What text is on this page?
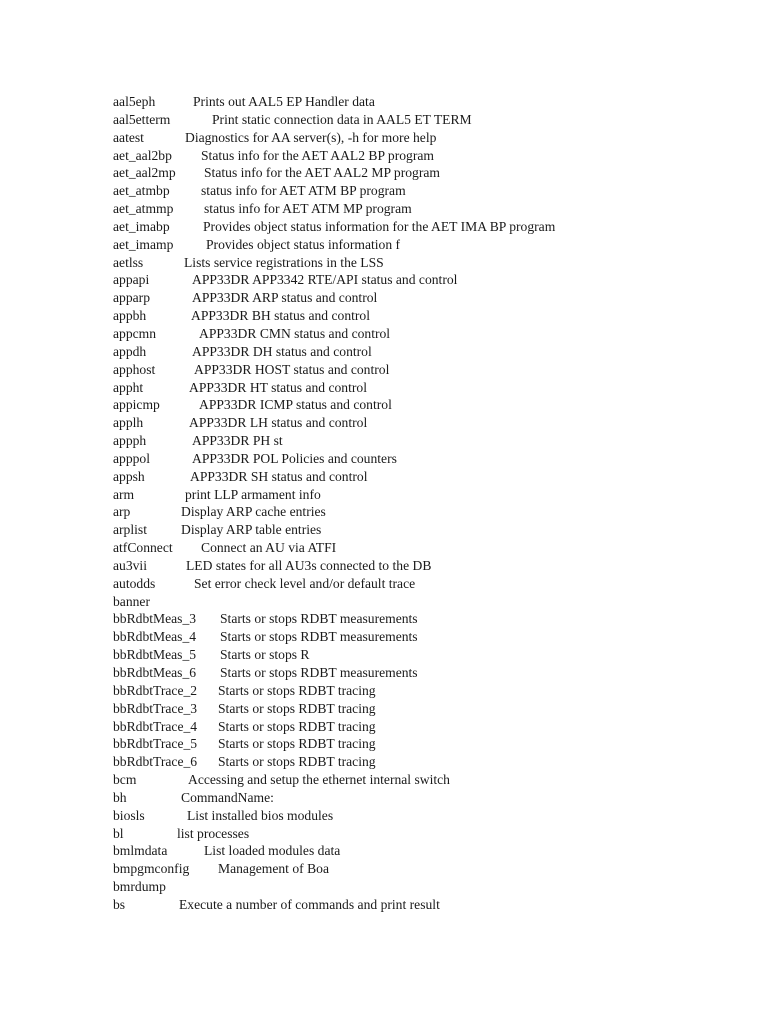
aal5eph	Prints out AAL5 EP Handler data
aal5etterm	Print static connection data in AAL5 ET TERM
aatest	Diagnostics for AA server(s), -h for more help
aet_aal2bp Status info for the AET AAL2 BP program
aet_aal2mp Status info for the AET AAL2 MP program
aet_atmbp status info for AET ATM BP program
aet_atmmp status info for AET ATM MP program
aet_imabp Provides object status information for the AET IMA BP program
aet_imamp Provides object status information f
aetlss	Lists service registrations in the LSS
appapi	APP33DR APP3342 RTE/API status and control
apparp	APP33DR ARP status and control
appbh	APP33DR BH status and control
appcmn	APP33DR CMN status and control
appdh	APP33DR DH status and control
apphost	APP33DR HOST status and control
appht	APP33DR HT status and control
appicmp	APP33DR ICMP status and control
applh	APP33DR LH status and control
appph	APP33DR PH st
apppol	APP33DR POL Policies and counters
appsh	APP33DR SH status and control
arm	print LLP armament info
arp	Display ARP cache entries
arplist	Display ARP table entries
atfConnect Connect an AU via ATFI
au3vii	LED states for all AU3s connected to the DB
autodds	Set error check level and/or default trace
banner
bbRdbtMeas_3 Starts or stops RDBT measurements
bbRdbtMeas_4 Starts or stops RDBT measurements
bbRdbtMeas_5 Starts or stops R
bbRdbtMeas_6 Starts or stops RDBT measurements
bbRdbtTrace_2 Starts or stops RDBT tracing
bbRdbtTrace_3 Starts or stops RDBT tracing
bbRdbtTrace_4 Starts or stops RDBT tracing
bbRdbtTrace_5 Starts or stops RDBT tracing
bbRdbtTrace_6 Starts or stops RDBT tracing
bcm	Accessing and setup the ethernet internal switch
bh	CommandName:
biosls	List installed bios modules
bl	list processes
bmlmdata	List loaded modules data
bmpgmconfig Management of Boa
bmrdump
bs	Execute a number of commands and print result
